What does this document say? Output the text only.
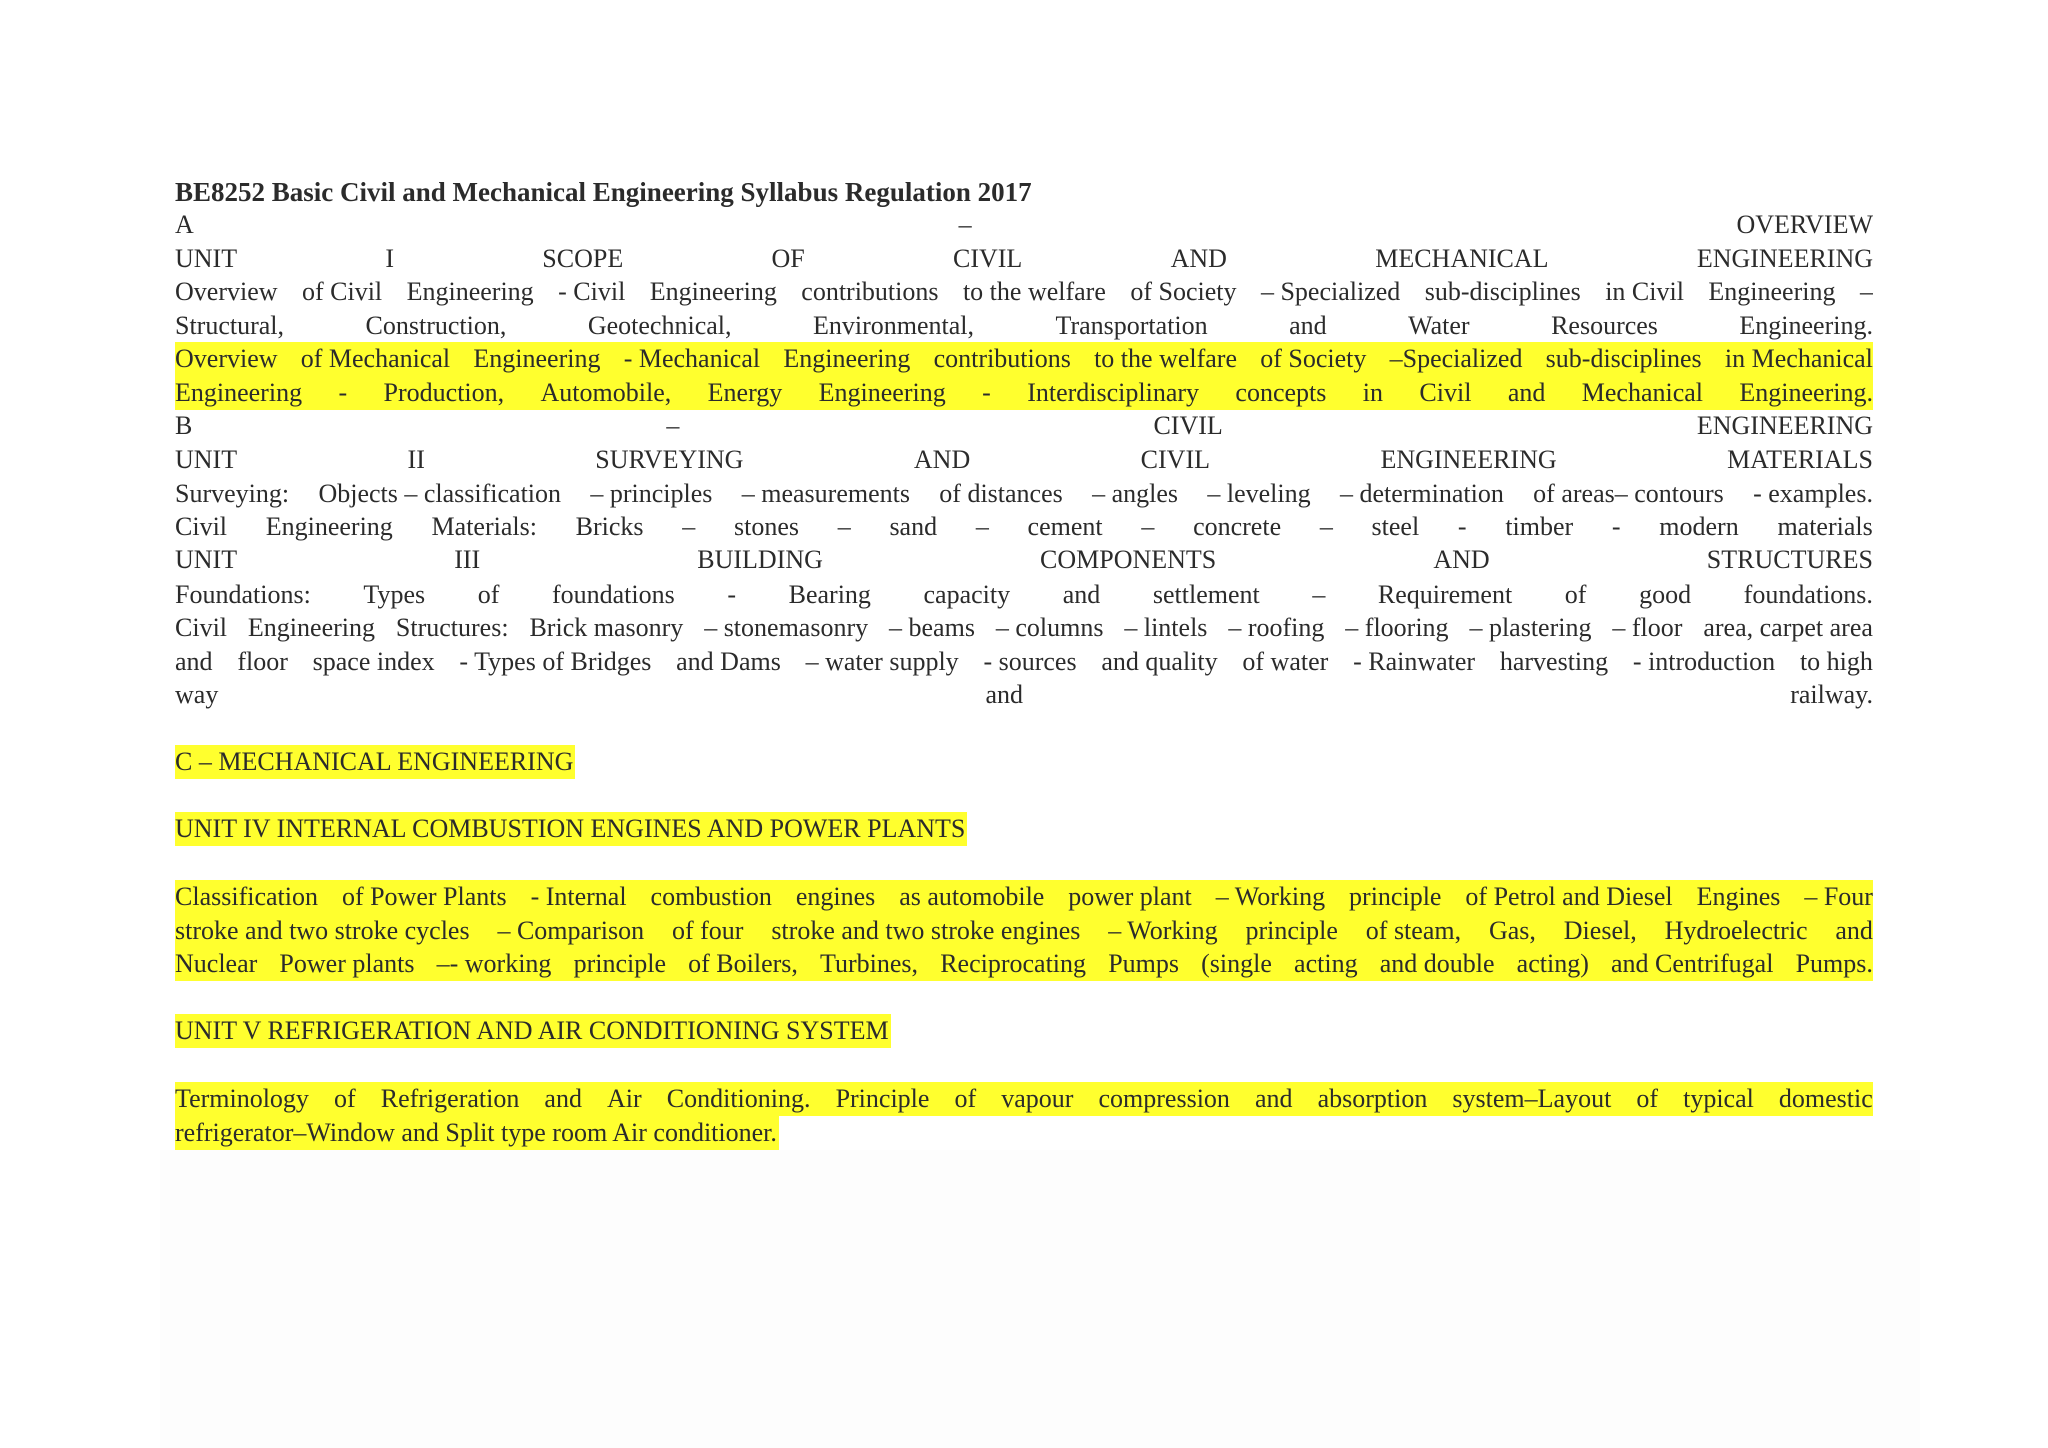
BE8252 Basic Civil and Mechanical Engineering Syllabus Regulation 2017
A	–	OVERVIEW
UNIT	I	SCOPE	OF	CIVIL	AND	MECHANICAL	ENGINEERING
Overview of Civil Engineering - Civil Engineering contributions to the welfare of Society – Specialized sub-disciplines in Civil Engineering –
Structural,	Construction,	Geotechnical,	Environmental,	Transportation	and	Water	Resources	Engineering.
Overview of Mechanical Engineering - Mechanical Engineering contributions to the welfare of Society –Specialized sub-disciplines in Mechanical
Engineering - Production, Automobile, Energy Engineering - Interdisciplinary concepts in Civil and Mechanical Engineering.
B	–	CIVIL	ENGINEERING
UNIT	II	SURVEYING	AND	CIVIL	ENGINEERING	MATERIALS
Surveying: Objects – classification – principles – measurements of distances – angles – leveling – determination of areas– contours - examples.
Civil Engineering Materials: Bricks – stones – sand – cement – concrete – steel - timber - modern materials
UNIT	III	BUILDING	COMPONENTS	AND	STRUCTURES
Foundations: Types of foundations - Bearing capacity and settlement – Requirement of good foundations.
Civil Engineering Structures: Brick masonry – stonemasonry – beams – columns – lintels – roofing – flooring – plastering – floor area, carpet area
and floor space index - Types of Bridges and Dams – water supply - sources and quality of water - Rainwater harvesting - introduction to high
way	and	railway.
C – MECHANICAL ENGINEERING
UNIT IV INTERNAL COMBUSTION ENGINES AND POWER PLANTS
Classification of Power Plants - Internal combustion engines as automobile power plant – Working principle of Petrol and Diesel Engines – Four
stroke and two stroke cycles – Comparison of four stroke and two stroke engines – Working principle of steam, Gas, Diesel, Hydroelectric and
Nuclear Power plants –- working principle of Boilers, Turbines, Reciprocating Pumps (single acting and double acting) and Centrifugal Pumps.
UNIT V REFRIGERATION AND AIR CONDITIONING SYSTEM
Terminology of Refrigeration and Air Conditioning. Principle of vapour compression and absorption system–Layout of typical domestic
refrigerator–Window and Split type room Air conditioner.
